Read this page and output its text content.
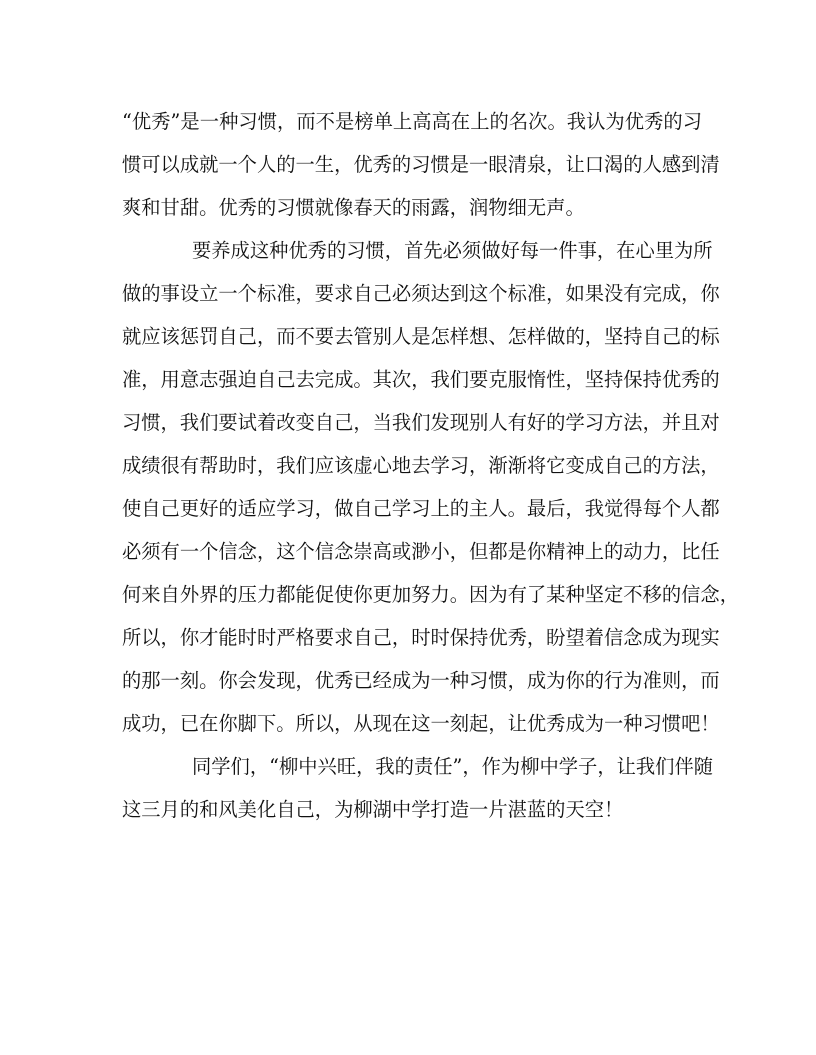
“优秀”是一种习惯，而不是榜单上高高在上的名次。我认为优秀的习
惯可以成就一个人的一生，优秀的习惯是一眼清泉，让口渴的人感到清
爽和甘甜。优秀的习惯就像春天的雨露，润物细无声。
要养成这种优秀的习惯，首先必须做好每一件事，在心里为所
做的事设立一个标准，要求自己必须达到这个标准，如果没有完成，你
就应该惩罚自己，而不要去管别人是怎样想、怎样做的，坚持自己的标
准，用意志强迫自己去完成。其次，我们要克服惰性，坚持保持优秀的
习惯，我们要试着改变自己，当我们发现别人有好的学习方法，并且对
成绩很有帮助时，我们应该虚心地去学习，渐渐将它变成自己的方法，
使自己更好的适应学习，做自己学习上的主人。最后，我觉得每个人都
必须有一个信念，这个信念崇高或渺小，但都是你精神上的动力，比任
何来自外界的压力都能促使你更加努力。因为有了某种坚定不移的信念，
所以，你才能时时严格要求自己，时时保持优秀，盼望着信念成为现实
的那一刻。你会发现，优秀已经成为一种习惯，成为你的行为准则，而
成功，已在你脚下。所以，从现在这一刻起，让优秀成为一种习惯吧！
同学们，“柳中兴旺，我的责任”，作为柳中学子，让我们伴随
这三月的和风美化自己，为柳湖中学打造一片湛蓝的天空！
